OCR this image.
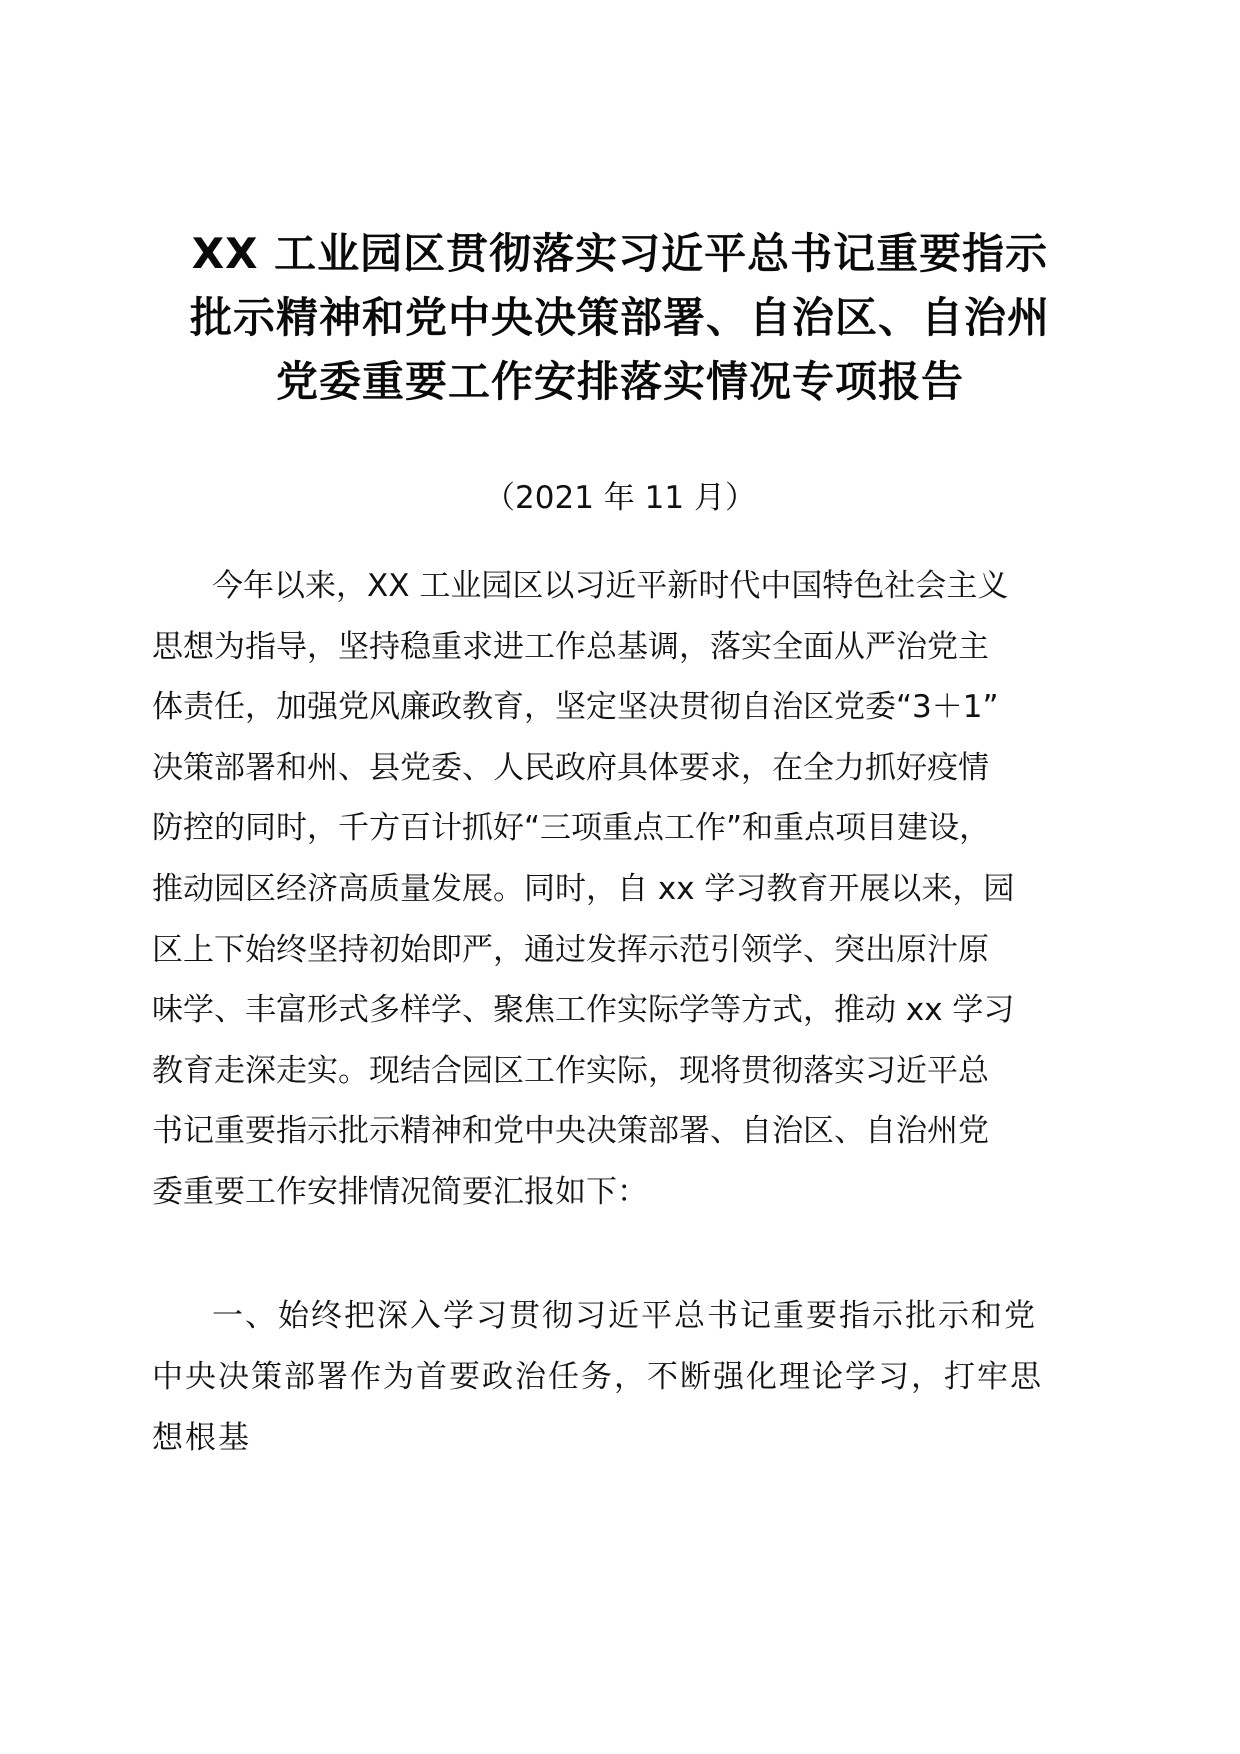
XX 工业园区贯彻落实习近平总书记重要指示
批示精神和党中央决策部署、自治区、自治州
党委重要工作安排落实情况专项报告
（2021 年 11 月）
今年以来，XX 工业园区以习近平新时代中国特色社会主义
思想为指导，坚持稳重求进工作总基调，落实全面从严治党主
体责任，加强党风廉政教育，坚定坚决贯彻自治区党委“3＋1”
决策部署和州、县党委、人民政府具体要求，在全力抓好疫情
防控的同时，千方百计抓好“三项重点工作”和重点项目建设，
推动园区经济高质量发展。同时，自 xx 学习教育开展以来，园
区上下始终坚持初始即严，通过发挥示范引领学、突出原汁原
味学、丰富形式多样学、聚焦工作实际学等方式，推动 xx 学习
教育走深走实。现结合园区工作实际，现将贯彻落实习近平总
书记重要指示批示精神和党中央决策部署、自治区、自治州党
委重要工作安排情况简要汇报如下：
一、始终把深入学习贯彻习近平总书记重要指示批示和党
中央决策部署作为首要政治任务，不断强化理论学习，打牢思
想根基
